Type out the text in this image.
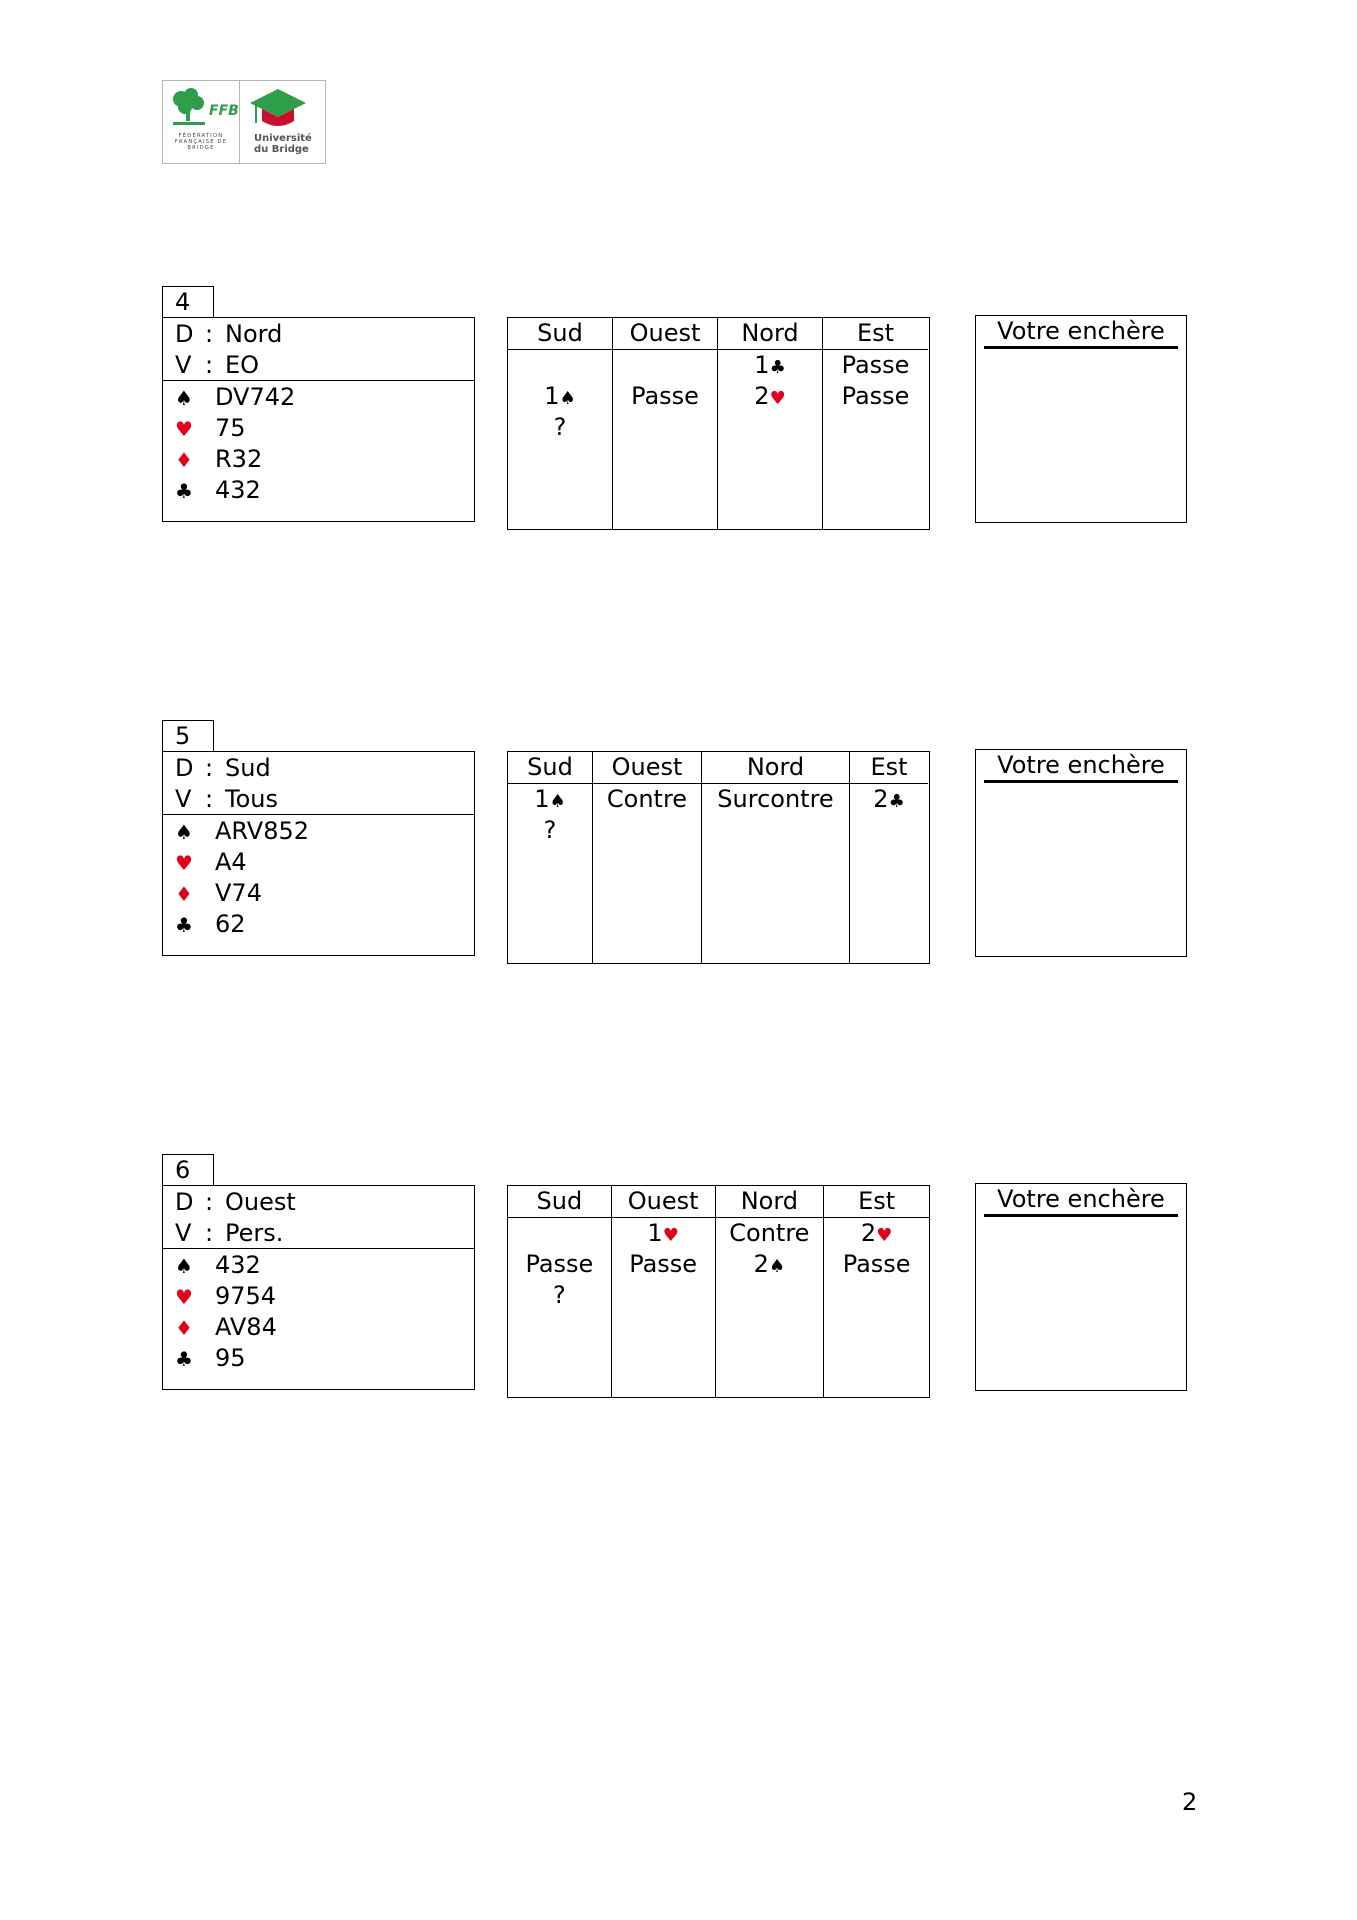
FFB
FÉDÉRATION FRANÇAISE DE BRIDGE
Université
du Bridge
4
D : Nord
V : EO
♠ DV742
♥ 75
♦ R32
♣ 432
Sud
1♠
?
Ouest
Passe
Nord
1♣
2♥
Est
Passe
Passe
Votre enchère
5
D : Sud
V : Tous
♠ ARV852
♥ A4
♦ V74
♣ 62
Sud
1♠
?
Ouest
Contre
Nord
Surcontre
Est
2♣
Votre enchère
6
D : Ouest
V : Pers.
♠ 432
♥ 9754
♦ AV84
♣ 95
Sud
Passe
?
Ouest
1♥
Passe
Nord
Contre
2♠
Est
2♥
Passe
Votre enchère
2
